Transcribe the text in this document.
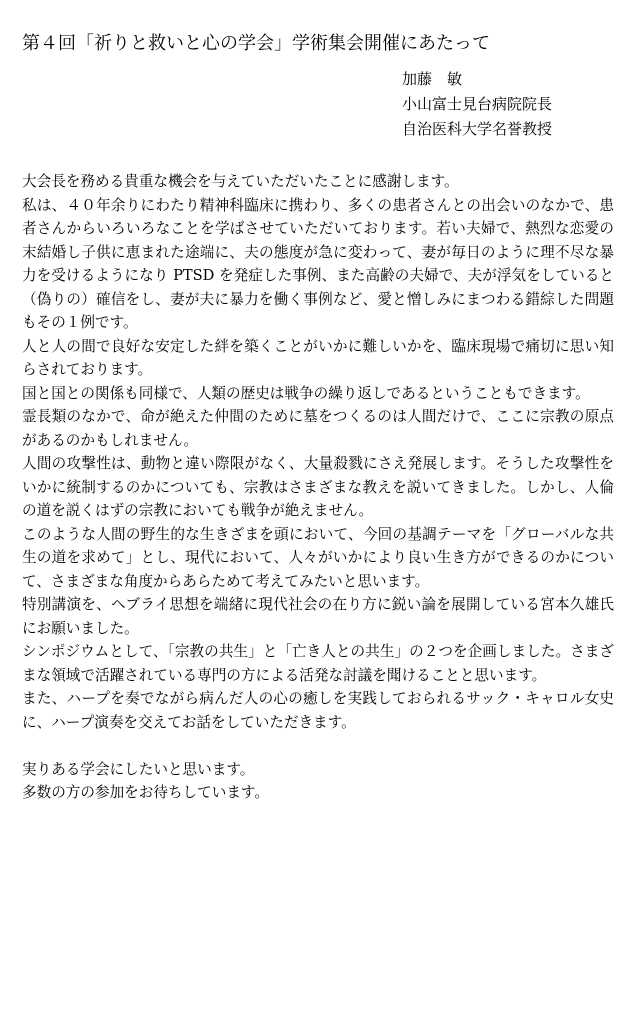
第４回「祈りと救いと心の学会」学術集会開催にあたって
加藤　敏
小山富士見台病院院長
自治医科大学名誉教授

大会長を務める貴重な機会を与えていただいたことに感謝します。

私は、４０年余りにわたり精神科臨床に携わり、多くの患者さんとの出会いのなかで、患者さんからいろいろなことを学ばさせていただいております。若い夫婦で、熱烈な恋愛の末結婚し子供に恵まれた途端に、夫の態度が急に変わって、妻が毎日のように理不尽な暴力を受けるようになり PTSD を発症した事例、また高齢の夫婦で、夫が浮気をしていると（偽りの）確信をし、妻が夫に暴力を働く事例など、愛と憎しみにまつわる錯綜した問題もその１例です。

人と人の間で良好な安定した絆を築くことがいかに難しいかを、臨床現場で痛切に思い知らされております。

国と国との関係も同様で、人類の歴史は戦争の繰り返しであるということもできます。

霊長類のなかで、命が絶えた仲間のために墓をつくるのは人間だけで、ここに宗教の原点があるのかもしれません。

人間の攻撃性は、動物と違い際限がなく、大量殺戮にさえ発展します。そうした攻撃性をいかに統制するのかについても、宗教はさまざまな教えを説いてきました。しかし、人倫の道を説くはずの宗教においても戦争が絶えません。

このような人間の野生的な生きざまを頭において、今回の基調テーマを「グローバルな共生の道を求めて」とし、現代において、人々がいかにより良い生き方ができるのかについて、さまざまな角度からあらためて考えてみたいと思います。

特別講演を、ヘブライ思想を端緒に現代社会の在り方に鋭い論を展開している宮本久雄氏にお願いました。

シンポジウムとして、「宗教の共生」と「亡き人との共生」の２つを企画しました。さまざまな領域で活躍されている専門の方による活発な討議を聞けることと思います。

また、ハープを奏でながら病んだ人の心の癒しを実践しておられるサック・キャロル女史に、ハープ演奏を交えてお話をしていただきます。

実りある学会にしたいと思います。

多数の方の参加をお待ちしています。
